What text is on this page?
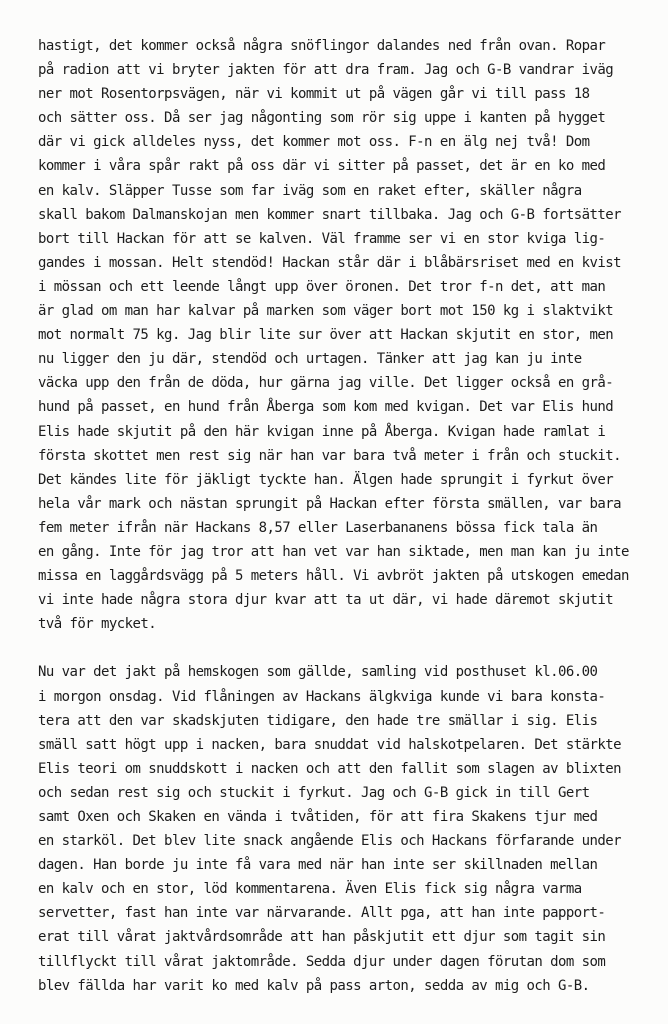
hastigt, det kommer också några snöflingor dalandes ned från ovan. Ropar
på radion att vi bryter jakten för att dra fram. Jag och G-B vandrar iväg
ner mot Rosentorpsvägen, när vi kommit ut på vägen går vi till pass 18
och sätter oss. Då ser jag någonting som rör sig uppe i kanten på hygget
där vi gick alldeles nyss, det kommer mot oss. F-n en älg nej två! Dom
kommer i våra spår rakt på oss där vi sitter på passet, det är en ko med
en kalv. Släpper Tusse som far iväg som en raket efter, skäller några
skall bakom Dalmanskojan men kommer snart tillbaka. Jag och G-B fortsätter
bort till Hackan för att se kalven. Väl framme ser vi en stor kviga lig-
gandes i mossan. Helt stendöd! Hackan står där i blåbärsriset med en kvist
i mössan och ett leende långt upp över öronen. Det tror f-n det, att man
är glad om man har kalvar på marken som väger bort mot 150 kg i slaktvikt
mot normalt 75 kg. Jag blir lite sur över att Hackan skjutit en stor, men
nu ligger den ju där, stendöd och urtagen. Tänker att jag kan ju inte
väcka upp den från de döda, hur gärna jag ville. Det ligger också en grå-
hund på passet, en hund från Åberga som kom med kvigan. Det var Elis hund
Elis hade skjutit på den här kvigan inne på Åberga. Kvigan hade ramlat i
första skottet men rest sig när han var bara två meter i från och stuckit.
Det kändes lite för jäkligt tyckte han. Älgen hade sprungit i fyrkut över
hela vår mark och nästan sprungit på Hackan efter första smällen, var bara
fem meter ifrån när Hackans 8,57 eller Laserbananens bössa fick tala än
en gång. Inte för jag tror att han vet var han siktade, men man kan ju inte
missa en laggårdsvägg på 5 meters håll. Vi avbröt jakten på utskogen emedan
vi inte hade några stora djur kvar att ta ut där, vi hade däremot skjutit
två för mycket.
Nu var det jakt på hemskogen som gällde, samling vid posthuset kl.06.00
i morgon onsdag. Vid flåningen av Hackans älgkviga kunde vi bara konsta-
tera att den var skadskjuten tidigare, den hade tre smällar i sig. Elis
smäll satt högt upp i nacken, bara snuddat vid halskotpelaren. Det stärkte
Elis teori om snuddskott i nacken och att den fallit som slagen av blixten
och sedan rest sig och stuckit i fyrkut. Jag och G-B gick in till Gert
samt Oxen och Skaken en vända i tvåtiden, för att fira Skakens tjur med
en starköl. Det blev lite snack angående Elis och Hackans förfarande under
dagen. Han borde ju inte få vara med när han inte ser skillnaden mellan
en kalv och en stor, löd kommentarena. Även Elis fick sig några varma
servetter, fast han inte var närvarande. Allt pga, att han inte papport-
erat till vårat jaktvårdsområde att han påskjutit ett djur som tagit sin
tillflyckt till vårat jaktområde. Sedda djur under dagen förutan dom som
blev fällda har varit ko med kalv på pass arton, sedda av mig och G-B.
